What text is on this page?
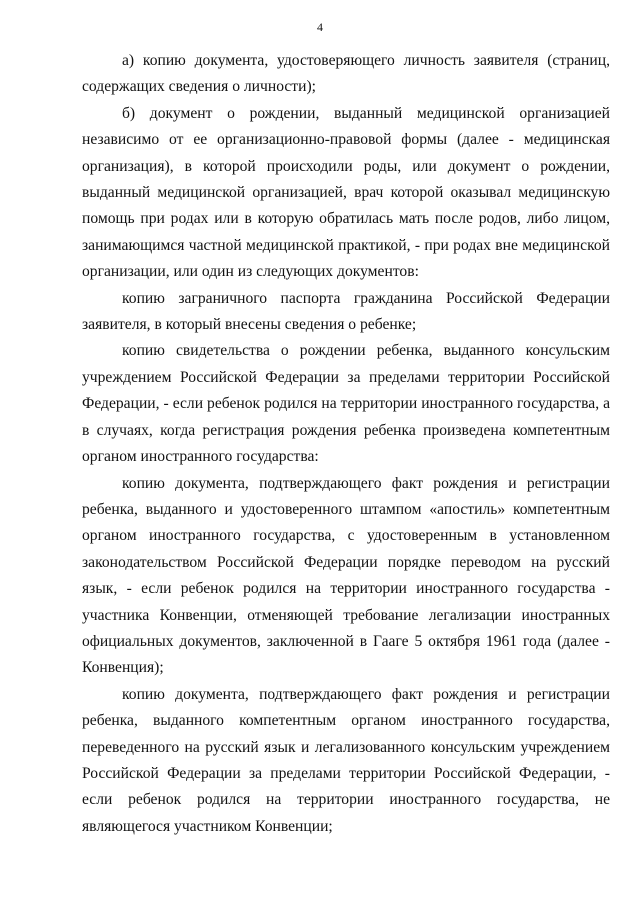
4

а) копию документа, удостоверяющего личность заявителя (страниц, содержащих сведения о личности);

б) документ о рождении, выданный медицинской организацией независимо от ее организационно-правовой формы (далее - медицинская организация), в которой происходили роды, или документ о рождении, выданный медицинской организацией, врач которой оказывал медицинскую помощь при родах или в которую обратилась мать после родов, либо лицом, занимающимся частной медицинской практикой, - при родах вне медицинской организации, или один из следующих документов:

копию заграничного паспорта гражданина Российской Федерации заявителя, в который внесены сведения о ребенке;

копию свидетельства о рождении ребенка, выданного консульским учреждением Российской Федерации за пределами территории Российской Федерации, - если ребенок родился на территории иностранного государства, а в случаях, когда регистрация рождения ребенка произведена компетентным органом иностранного государства:

копию документа, подтверждающего факт рождения и регистрации ребенка, выданного и удостоверенного штампом «апостиль» компетентным органом иностранного государства, с удостоверенным в установленном законодательством Российской Федерации порядке переводом на русский язык, - если ребенок родился на территории иностранного государства - участника Конвенции, отменяющей требование легализации иностранных официальных документов, заключенной в Гааге 5 октября 1961 года (далее - Конвенция);

копию документа, подтверждающего факт рождения и регистрации ребенка, выданного компетентным органом иностранного государства, переведенного на русский язык и легализованного консульским учреждением Российской Федерации за пределами территории Российской Федерации, - если ребенок родился на территории иностранного государства, не являющегося участником Конвенции;
